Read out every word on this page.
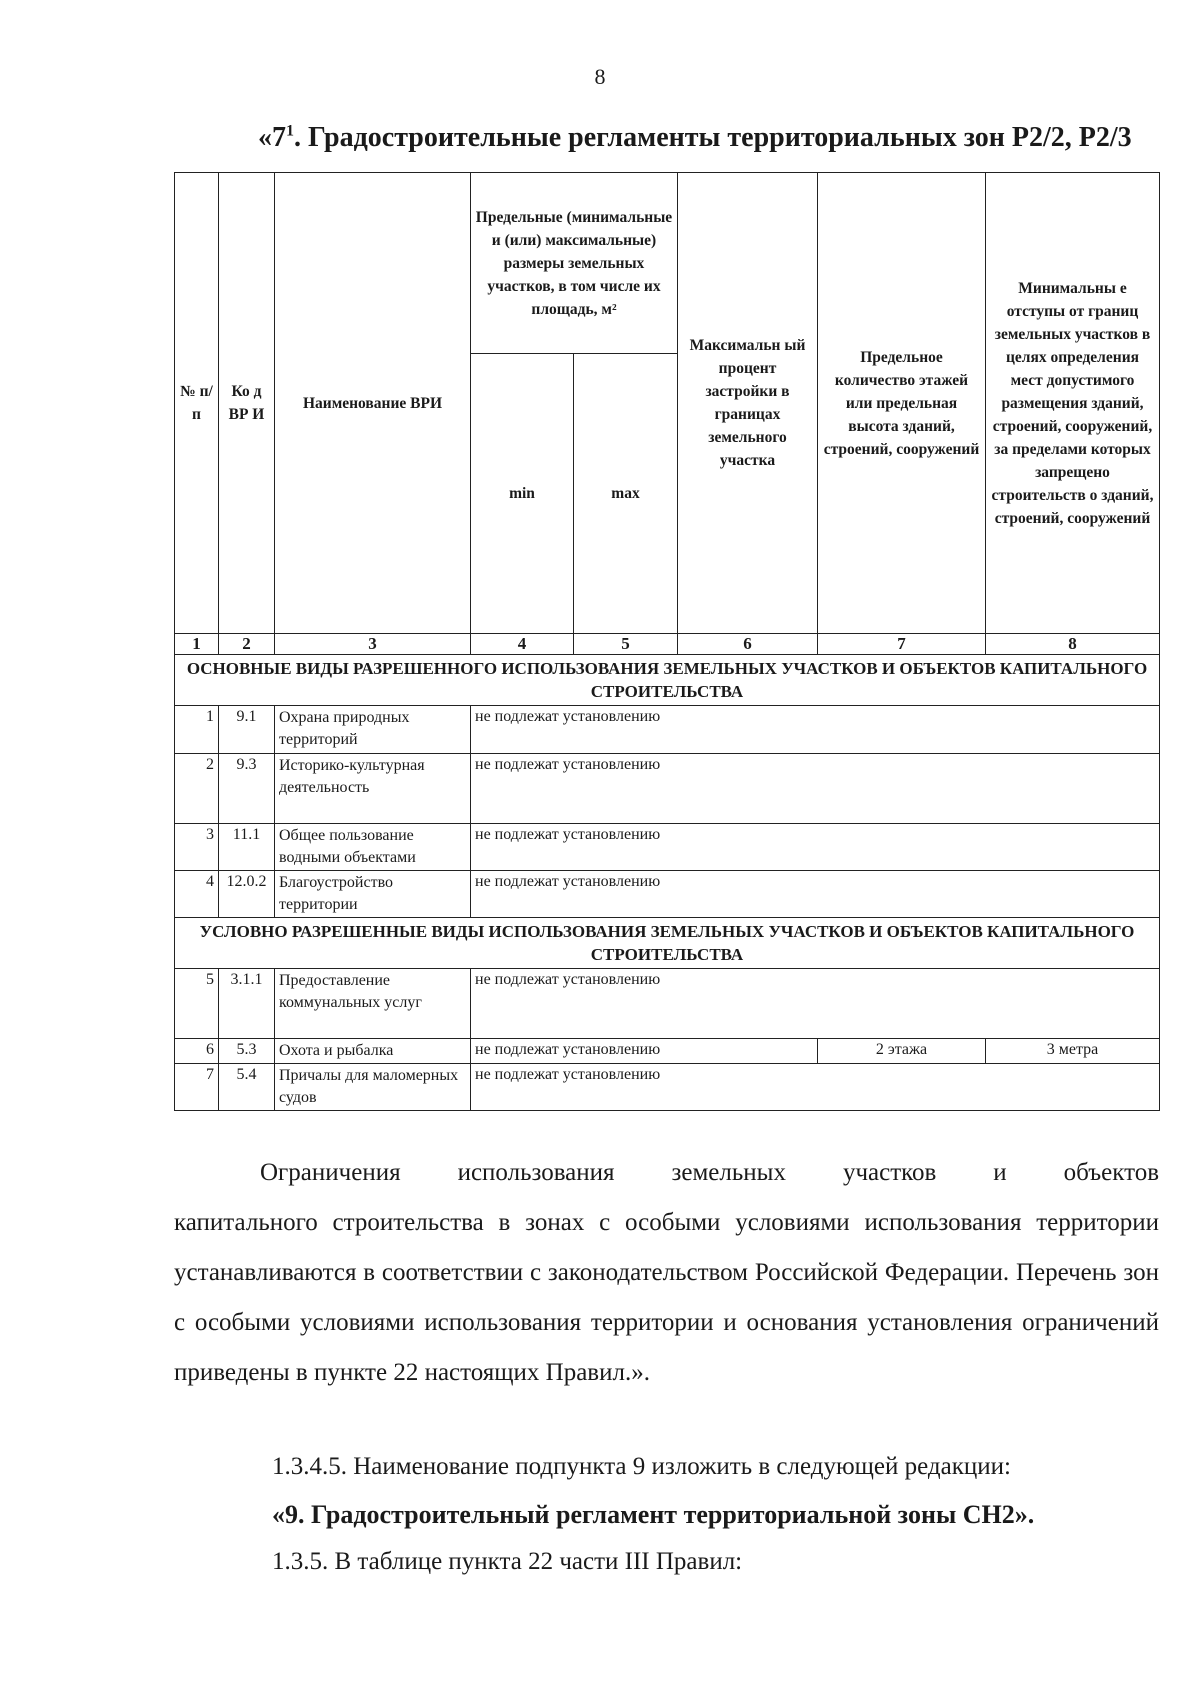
8
«$7^1$. Градостроительные регламенты территориальных зон Р2/2, Р2/3
№ п/ п	Ко д ВР И	Наименование ВРИ	Предельные (минимальные и (или) максимальные) размеры земельных участков, в том числе их площадь, м²		Максимальн ый процент застройки в границах земельного участка	Предельное количество этажей или предельная высота зданий, строений, сооружений	Минимальны е отступы от границ земельных участков в целях определения мест допустимого размещения зданий, строений, сооружений, за пределами которых запрещено строительств о зданий, строений, сооружений
			min	max			
1	2	3	4	5	6	7	8
ОСНОВНЫЕ ВИДЫ РАЗРЕШЕННОГО ИСПОЛЬЗОВАНИЯ ЗЕМЕЛЬНЫХ УЧАСТКОВ И ОБЪЕКТОВ КАПИТАЛЬНОГО СТРОИТЕЛЬСТВА							
1	9.1	Охрана природных территорий	не подлежат установлению				
2	9.3	Историко-культурная деятельность	не подлежат установлению				
3	11.1	Общее пользование водными объектами	не подлежат установлению				
4	12.0.2	Благоустройство территории	не подлежат установлению				
УСЛОВНО РАЗРЕШЕННЫЕ ВИДЫ ИСПОЛЬЗОВАНИЯ ЗЕМЕЛЬНЫХ УЧАСТКОВ И ОБЪЕКТОВ КАПИТАЛЬНОГО СТРОИТЕЛЬСТВА							
5	3.1.1	Предоставление коммунальных услуг	не подлежат установлению				
6	5.3	Охота и рыбалка	не подлежат установлению			2 этажа	3 метра
7	5.4	Причалы для маломерных судов	не подлежат установлению				
Ограничения использования земельных участков и объектов
капитального строительства в зонах с особыми условиями использования территории устанавливаются в соответствии с законодательством Российской Федерации. Перечень зон с особыми условиями использования территории и основания установления ограничений приведены в пункте 22 настоящих Правил.».
1.3.4.5. Наименование подпункта 9 изложить в следующей редакции:
«9. Градостроительный регламент территориальной зоны СН2».
1.3.5. В таблице пункта 22 части III Правил:
